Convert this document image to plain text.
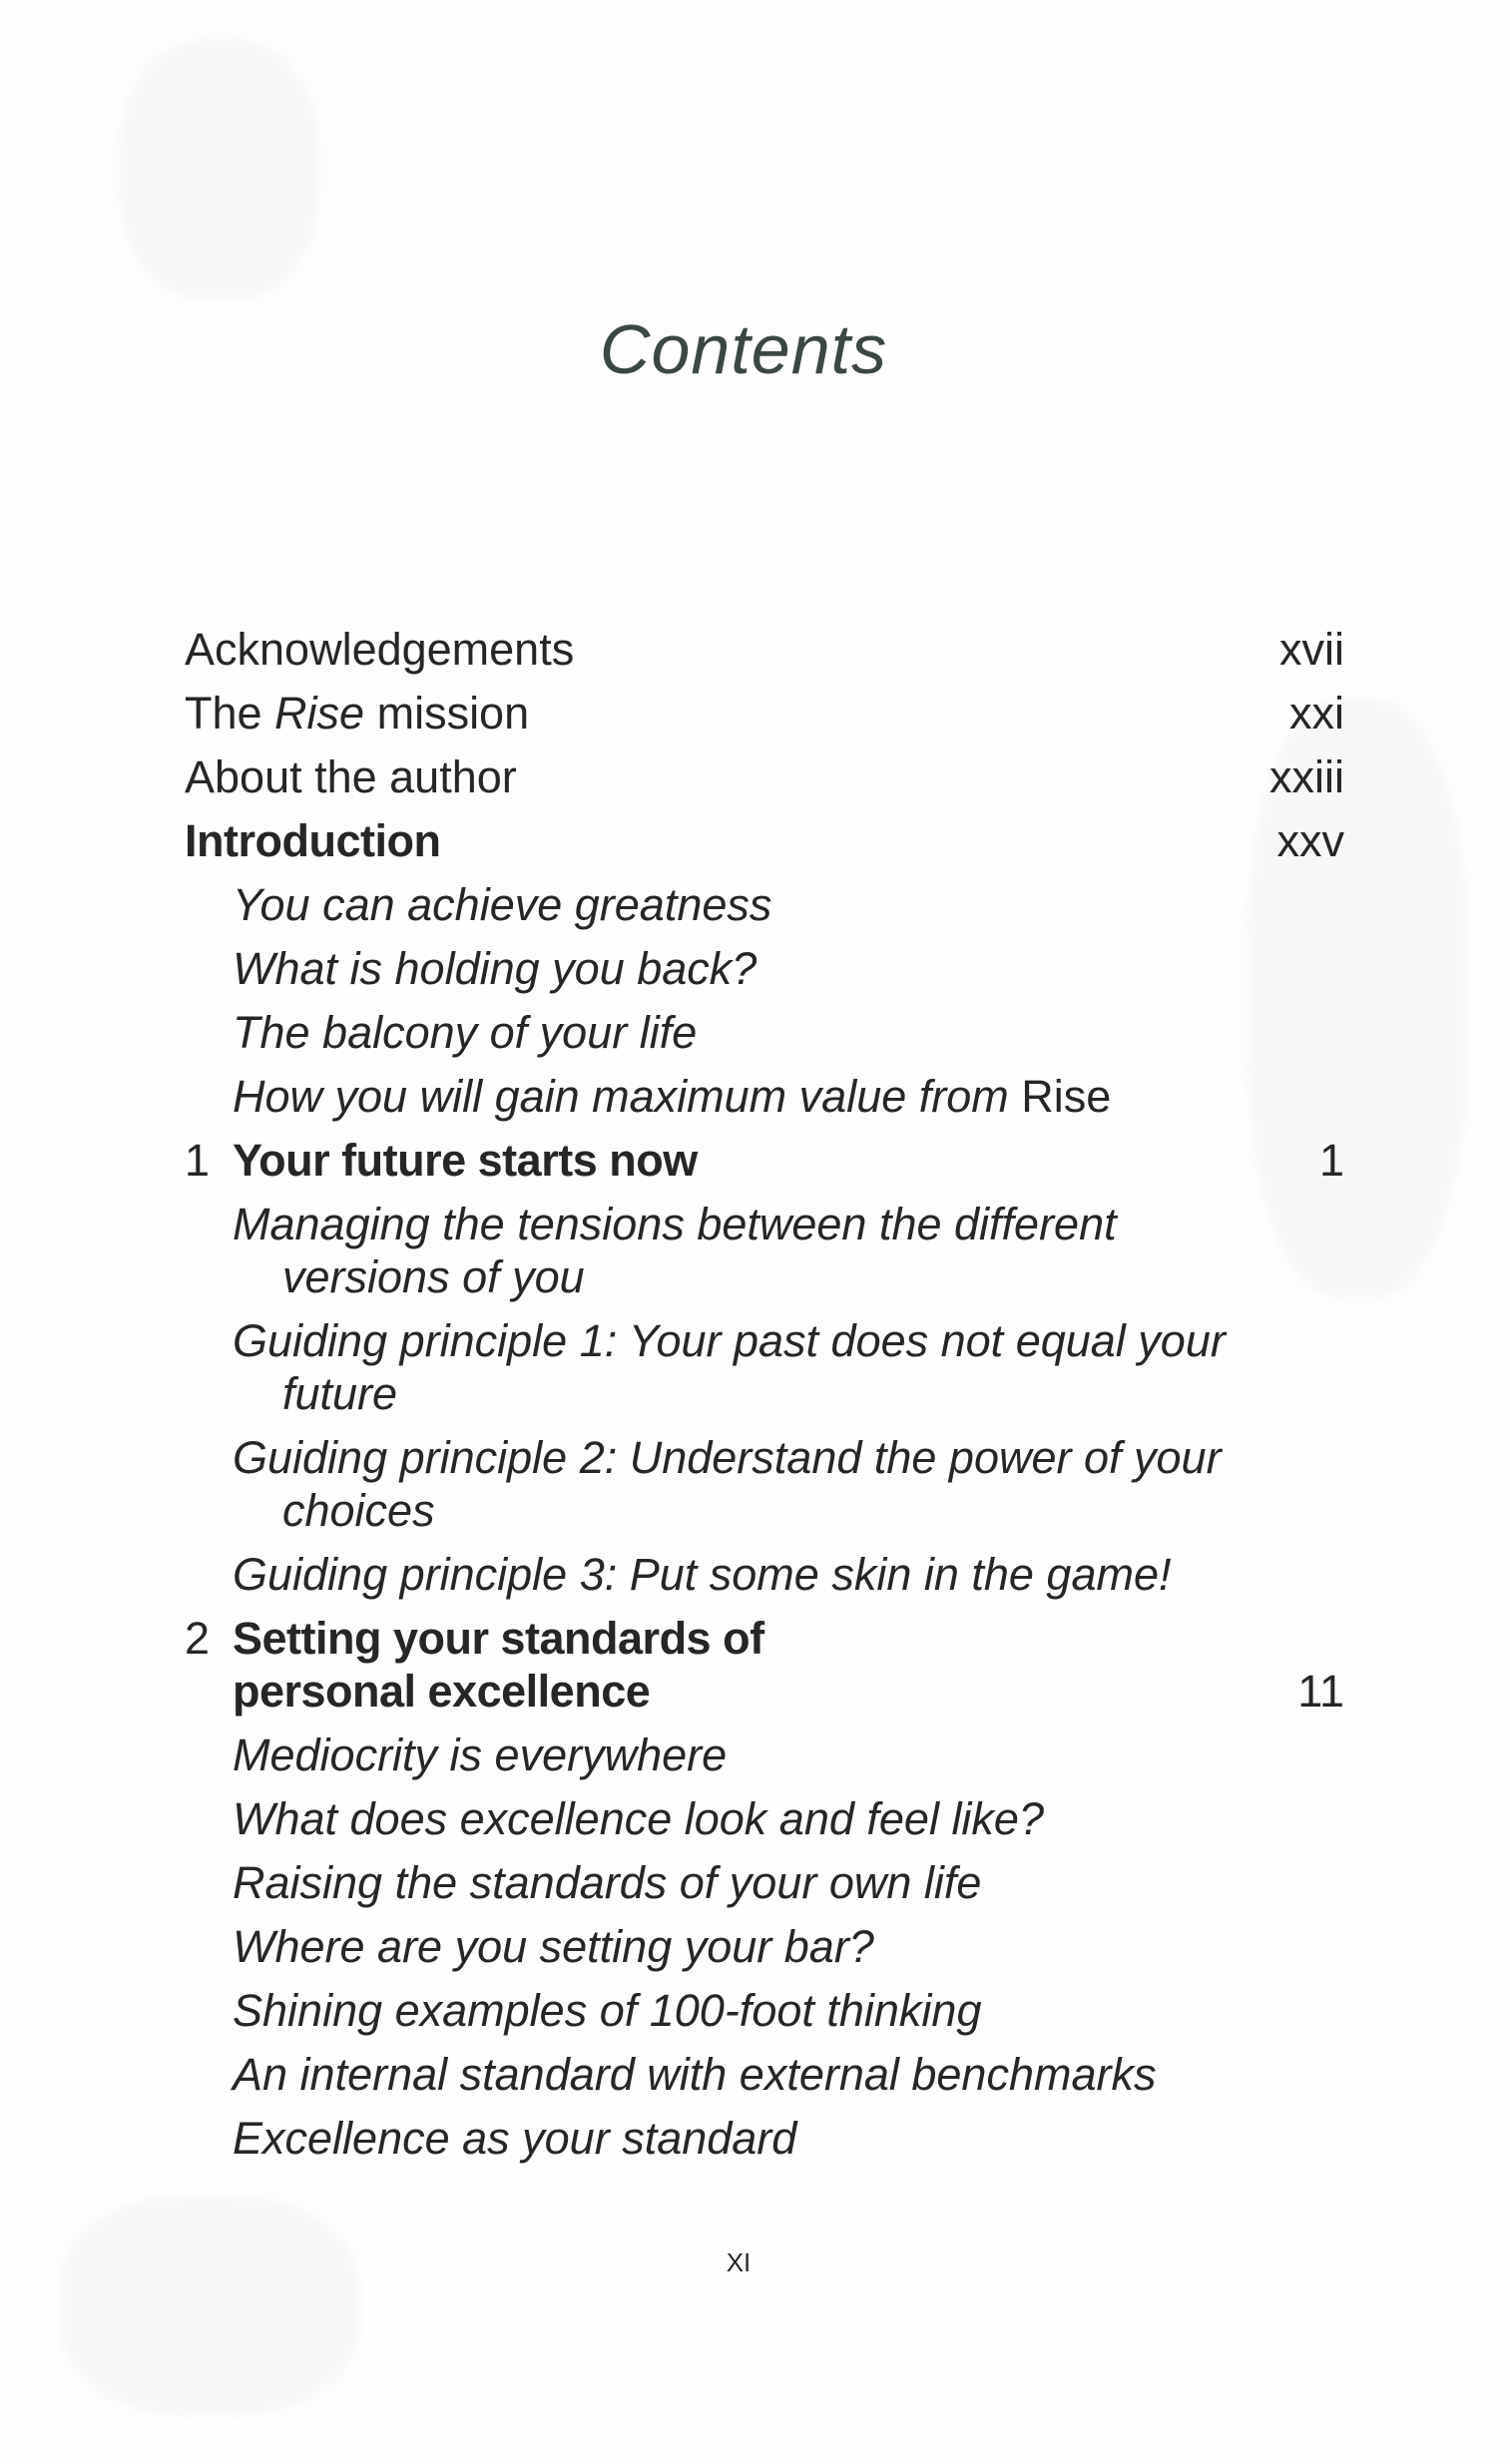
Contents
Acknowledgements	xvii
The Rise mission	xxi
About the author	xxiii
Introduction	xxv
You can achieve greatness
What is holding you back?
The balcony of your life
How you will gain maximum value from Rise
1 Your future starts now	1
Managing the tensions between the different versions of you
Guiding principle 1: Your past does not equal your future
Guiding principle 2: Understand the power of your choices
Guiding principle 3: Put some skin in the game!
2 Setting your standards of
personal excellence	11
Mediocrity is everywhere
What does excellence look and feel like?
Raising the standards of your own life
Where are you setting your bar?
Shining examples of 100-foot thinking
An internal standard with external benchmarks
Excellence as your standard
XI
